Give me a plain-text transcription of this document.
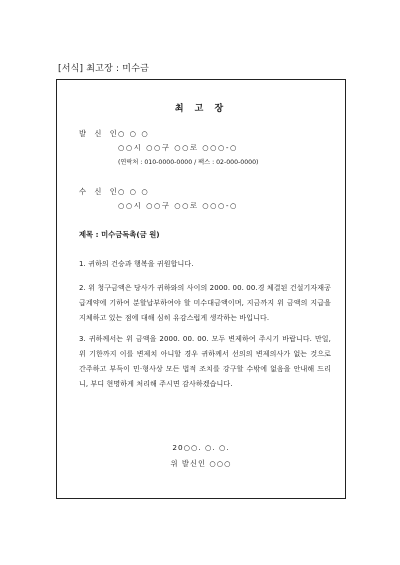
[서식] 최고장 : 미수금
최 고 장
발 신 인
○ ○ ○
○○시 ○○구 ○○로 ○○○-○
(연락처 : 010-0000-0000 / 팩스 : 02-000-0000)
수 신 인
○ ○ ○
○○시 ○○구 ○○로 ○○○-○
제목 : 미수금독촉(금 원)
1. 귀하의 건승과 행복을 귀원합니다.
2. 위 청구금액은 당사가 귀하와의 사이의 2000. 00. 00.경 체결된 건설기자재공급계약에 기하여 분할납부하여야 할 미수대금액이며, 지금까지 위 금액의 지급을 지체하고 있는 점에 대해 심히 유감스럽게 생각하는 바입니다.
3. 귀하께서는 위 금액을 2000. 00. 00. 모두 변제하여 주시기 바랍니다. 만일, 위 기한까지 이를 변제치 아니할 경우 귀하께서 선의의 변제의사가 없는 것으로 간주하고 부득이 민·형사상 모든 법적 조치를 강구할 수밖에 없음을 안내해 드리니, 부디 현명하게 처리해 주시면 감사하겠습니다.
20○○. ○. ○.
위 발신인 ○○○
